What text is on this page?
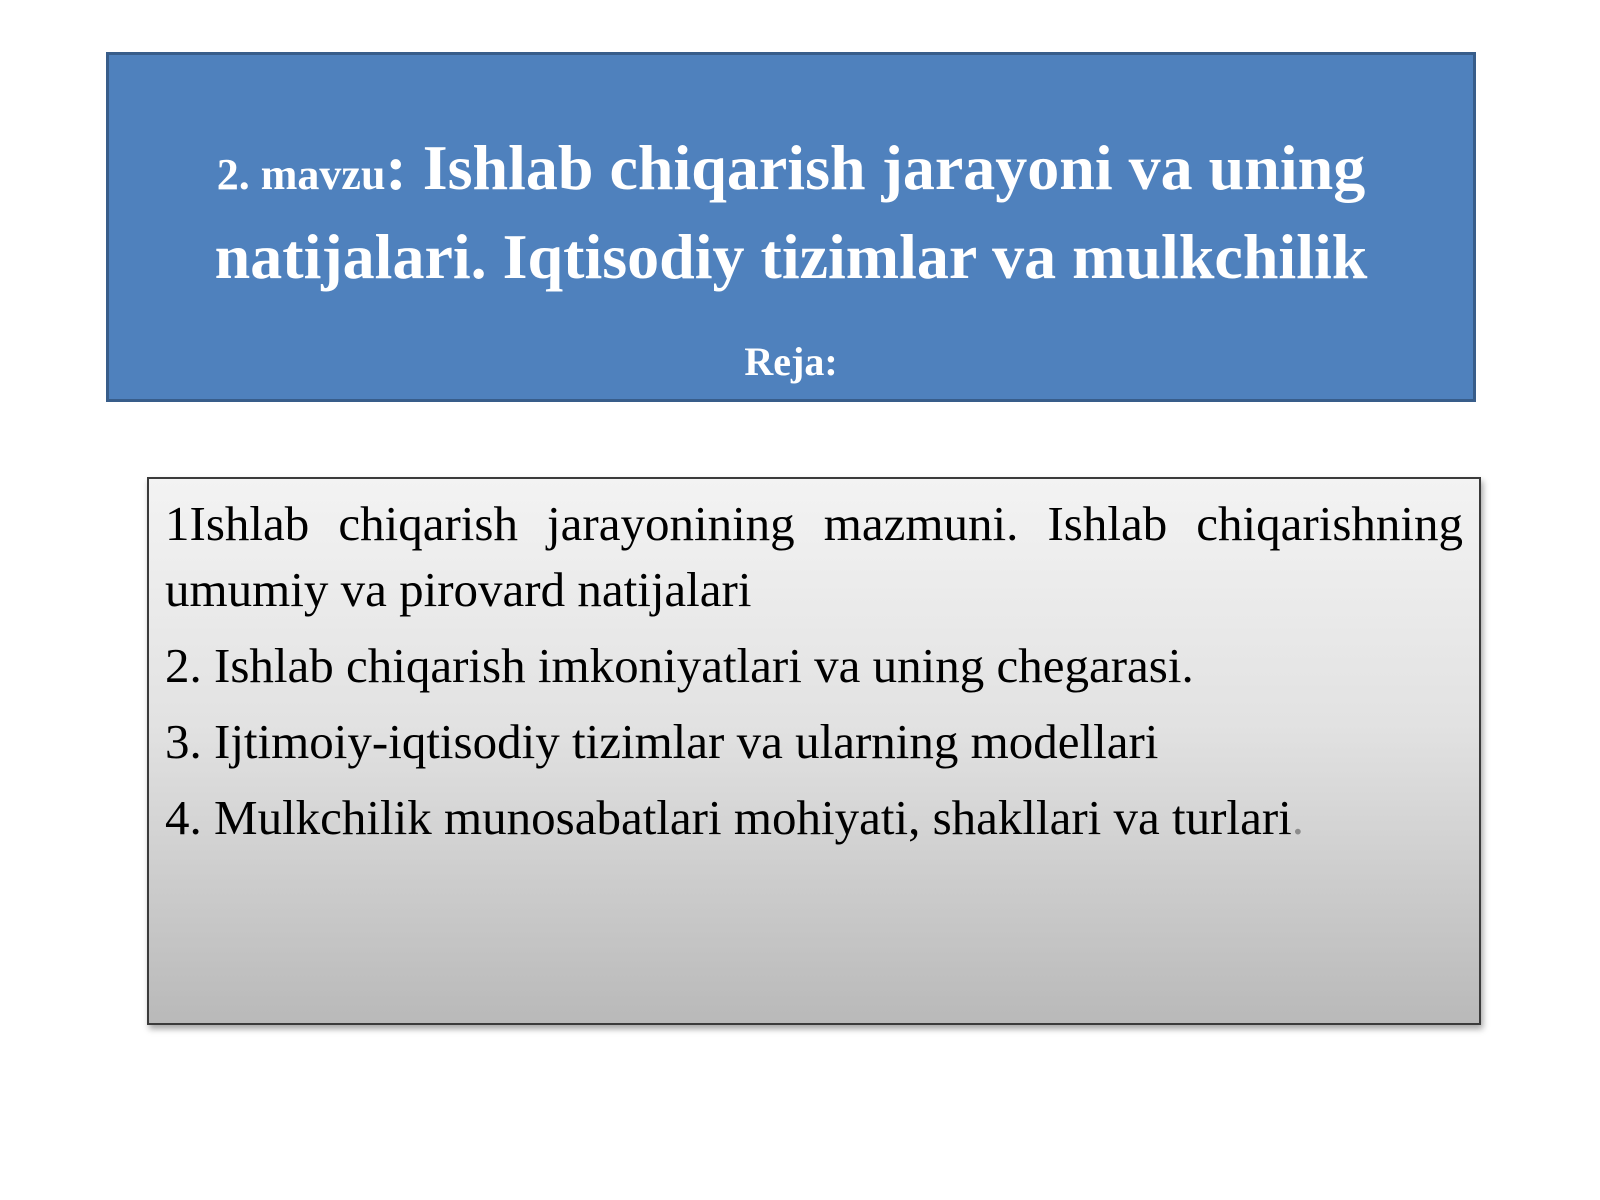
2. mavzu: Ishlab chiqarish jarayoni va uning natijalari. Iqtisodiy tizimlar va mulkchilik
Reja:
1Ishlab chiqarish jarayonining mazmuni. Ishlab chiqarishning umumiy va pirovard natijalari
2. Ishlab chiqarish imkoniyatlari va uning chegarasi.
3. Ijtimoiy-iqtisodiy tizimlar va ularning modellari
4. Mulkchilik munosabatlari mohiyati, shakllari va turlari.
